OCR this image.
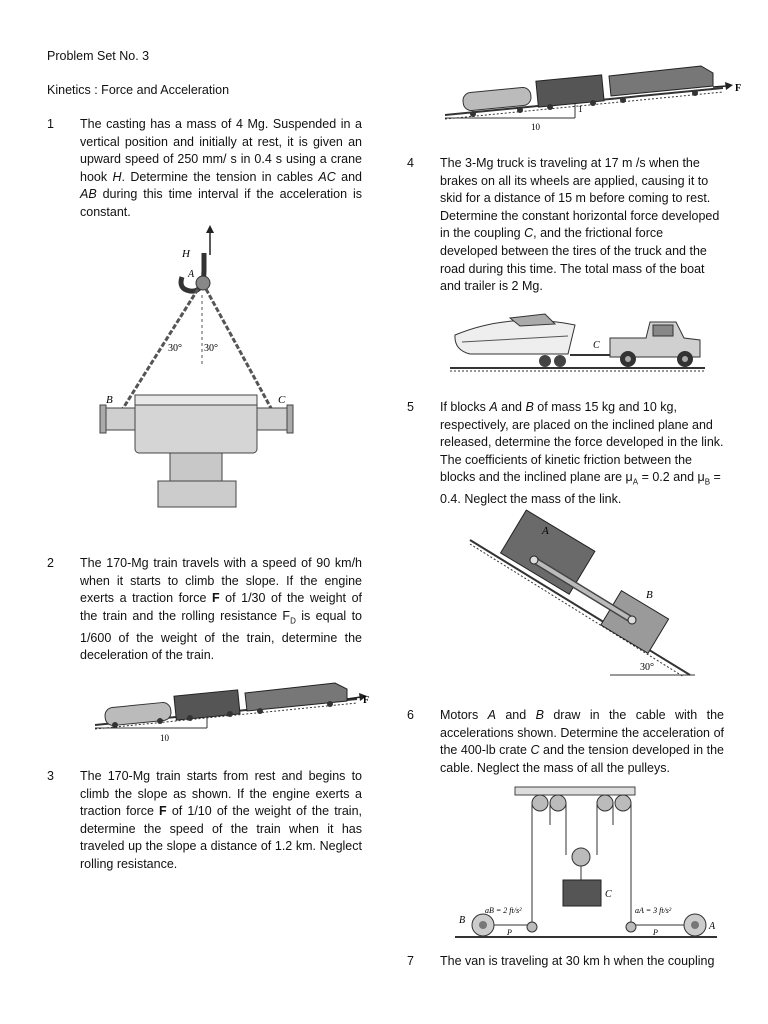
Problem Set No. 3

Kinetics : Force and Acceleration

1 The casting has a mass of 4 Mg. Suspended in a vertical position and initially at rest, it is given an upward speed of 250 mm/ s in 0.4 s using a crane hook H. Determine the tension in cables AC and AB during this time interval if the acceleration is constant.

H
A
30° 30°
B	C

2 The 170-Mg train travels with a speed of 90 km/h when it starts to climb the slope. If the engine exerts a traction force F of 1/30 of the weight of the train and the rolling resistance $F_D$ is equal to 1/600 of the weight of the train, determine the deceleration of the train.

10
F

3 The 170-Mg train starts from rest and begins to climb the slope as shown. If the engine exerts a traction force F of 1/10 of the weight of the train, determine the speed of the train when it has traveled up the slope a distance of 1.2 km. Neglect rolling resistance.

10
1
F

4 The 3-Mg truck is traveling at 17 m /s when the brakes on all its wheels are applied, causing it to skid for a distance of 15 m before coming to rest. Determine the constant horizontal force developed in the coupling C, and the frictional force developed between the tires of the truck and the road during this time. The total mass of the boat and trailer is 2 Mg.

C

5 If blocks A and B of mass 15 kg and 10 kg, respectively, are placed on the inclined plane and released, determine the force developed in the link. The coefficients of kinetic friction between the blocks and the inclined plane are $\mu_A = 0.2$ and $\mu_B = 0.4$. Neglect the mass of the link.

30°
A
B

6 Motors A and B draw in the cable with the accelerations shown. Determine the acceleration of the 400-lb crate C and the tension developed in the cable. Neglect the mass of all the pulleys.

C
B
aB = 2 ft/s²
P
A
aA = 3 ft/s²
P

7 The van is traveling at 30 km h when the coupling
